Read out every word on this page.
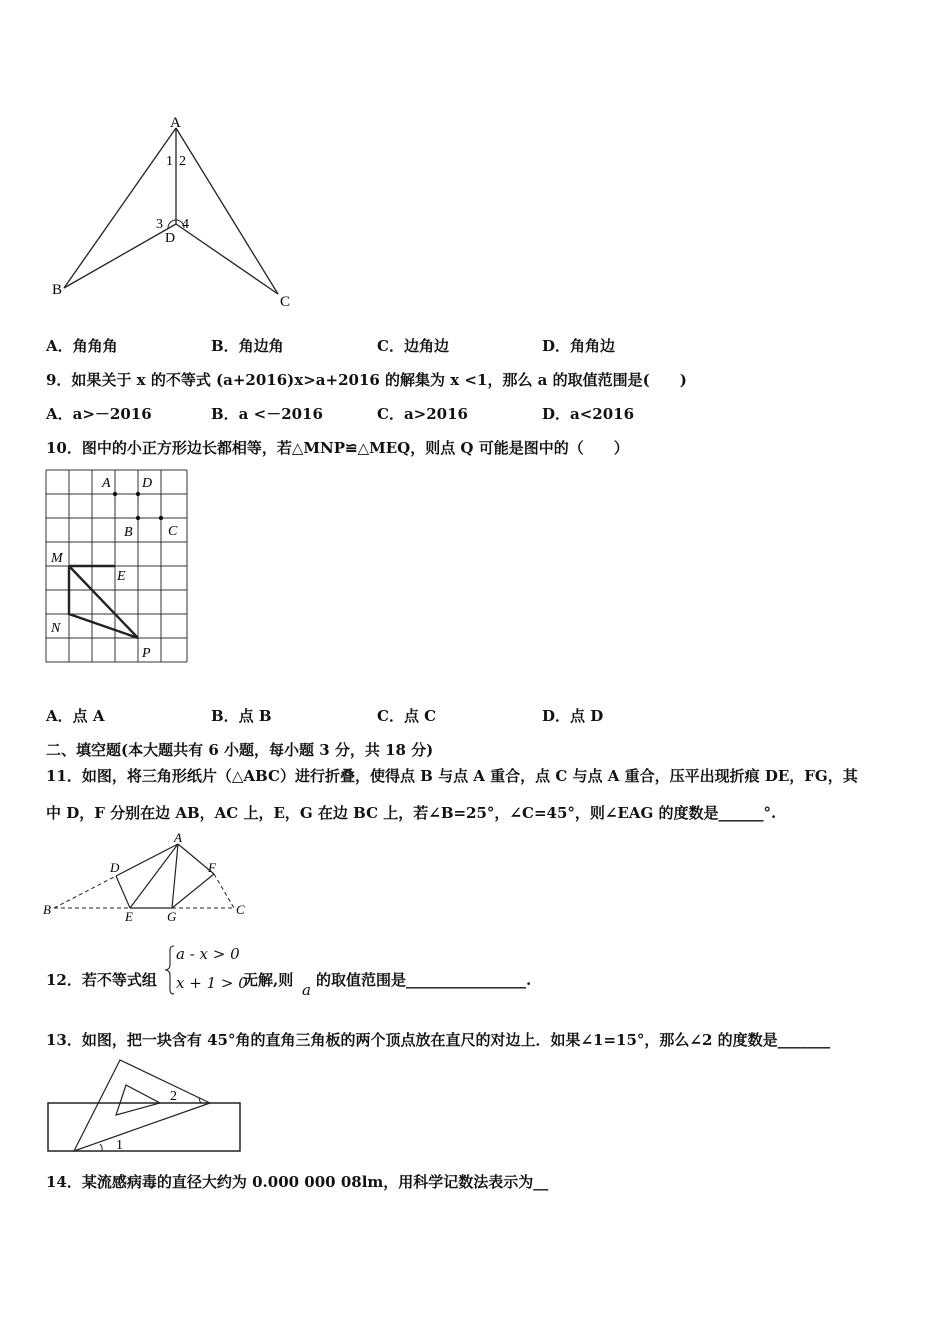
A
1 2
3 4
D
B
C
A．角角角	B．角边角	C．边角边	D．角角边
9．如果关于 x 的不等式 (a+2016)x>a+2016 的解集为 x <1，那么 a 的取值范围是(　　)
A．a>－2016	B．a <－2016	C．a>2016	D．a<2016
10．图中的小正方形边长都相等，若△MNP≌△MEQ，则点 Q 可能是图中的（　　）
A D
B	C
M
E
N
P
A．点 A	B．点 B	C．点 C	D．点 D
二、填空题(本大题共有 6 小题，每小题 3 分，共 18 分)
11．如图，将三角形纸片（△ABC）进行折叠，使得点 B 与点 A 重合，点 C 与点 A 重合，压平出现折痕 DE，FG，其
中 D，F 分别在边 AB，AC 上，E，G 在边 BC 上，若∠B=25°，∠C=45°，则∠EAG 的度数是______°.
A
D	F
B	E	G	C
12．若不等式组
a - x > 0
x + 1 > 0
无解,则
a
的取值范围是________________.
13．如图，把一块含有 45°角的直角三角板的两个顶点放在直尺的对边上．如果∠1=15°，那么∠2 的度数是_______
1
2
14．某流感病毒的直径大约为 0.000 000 08lm，用科学记数法表示为__
